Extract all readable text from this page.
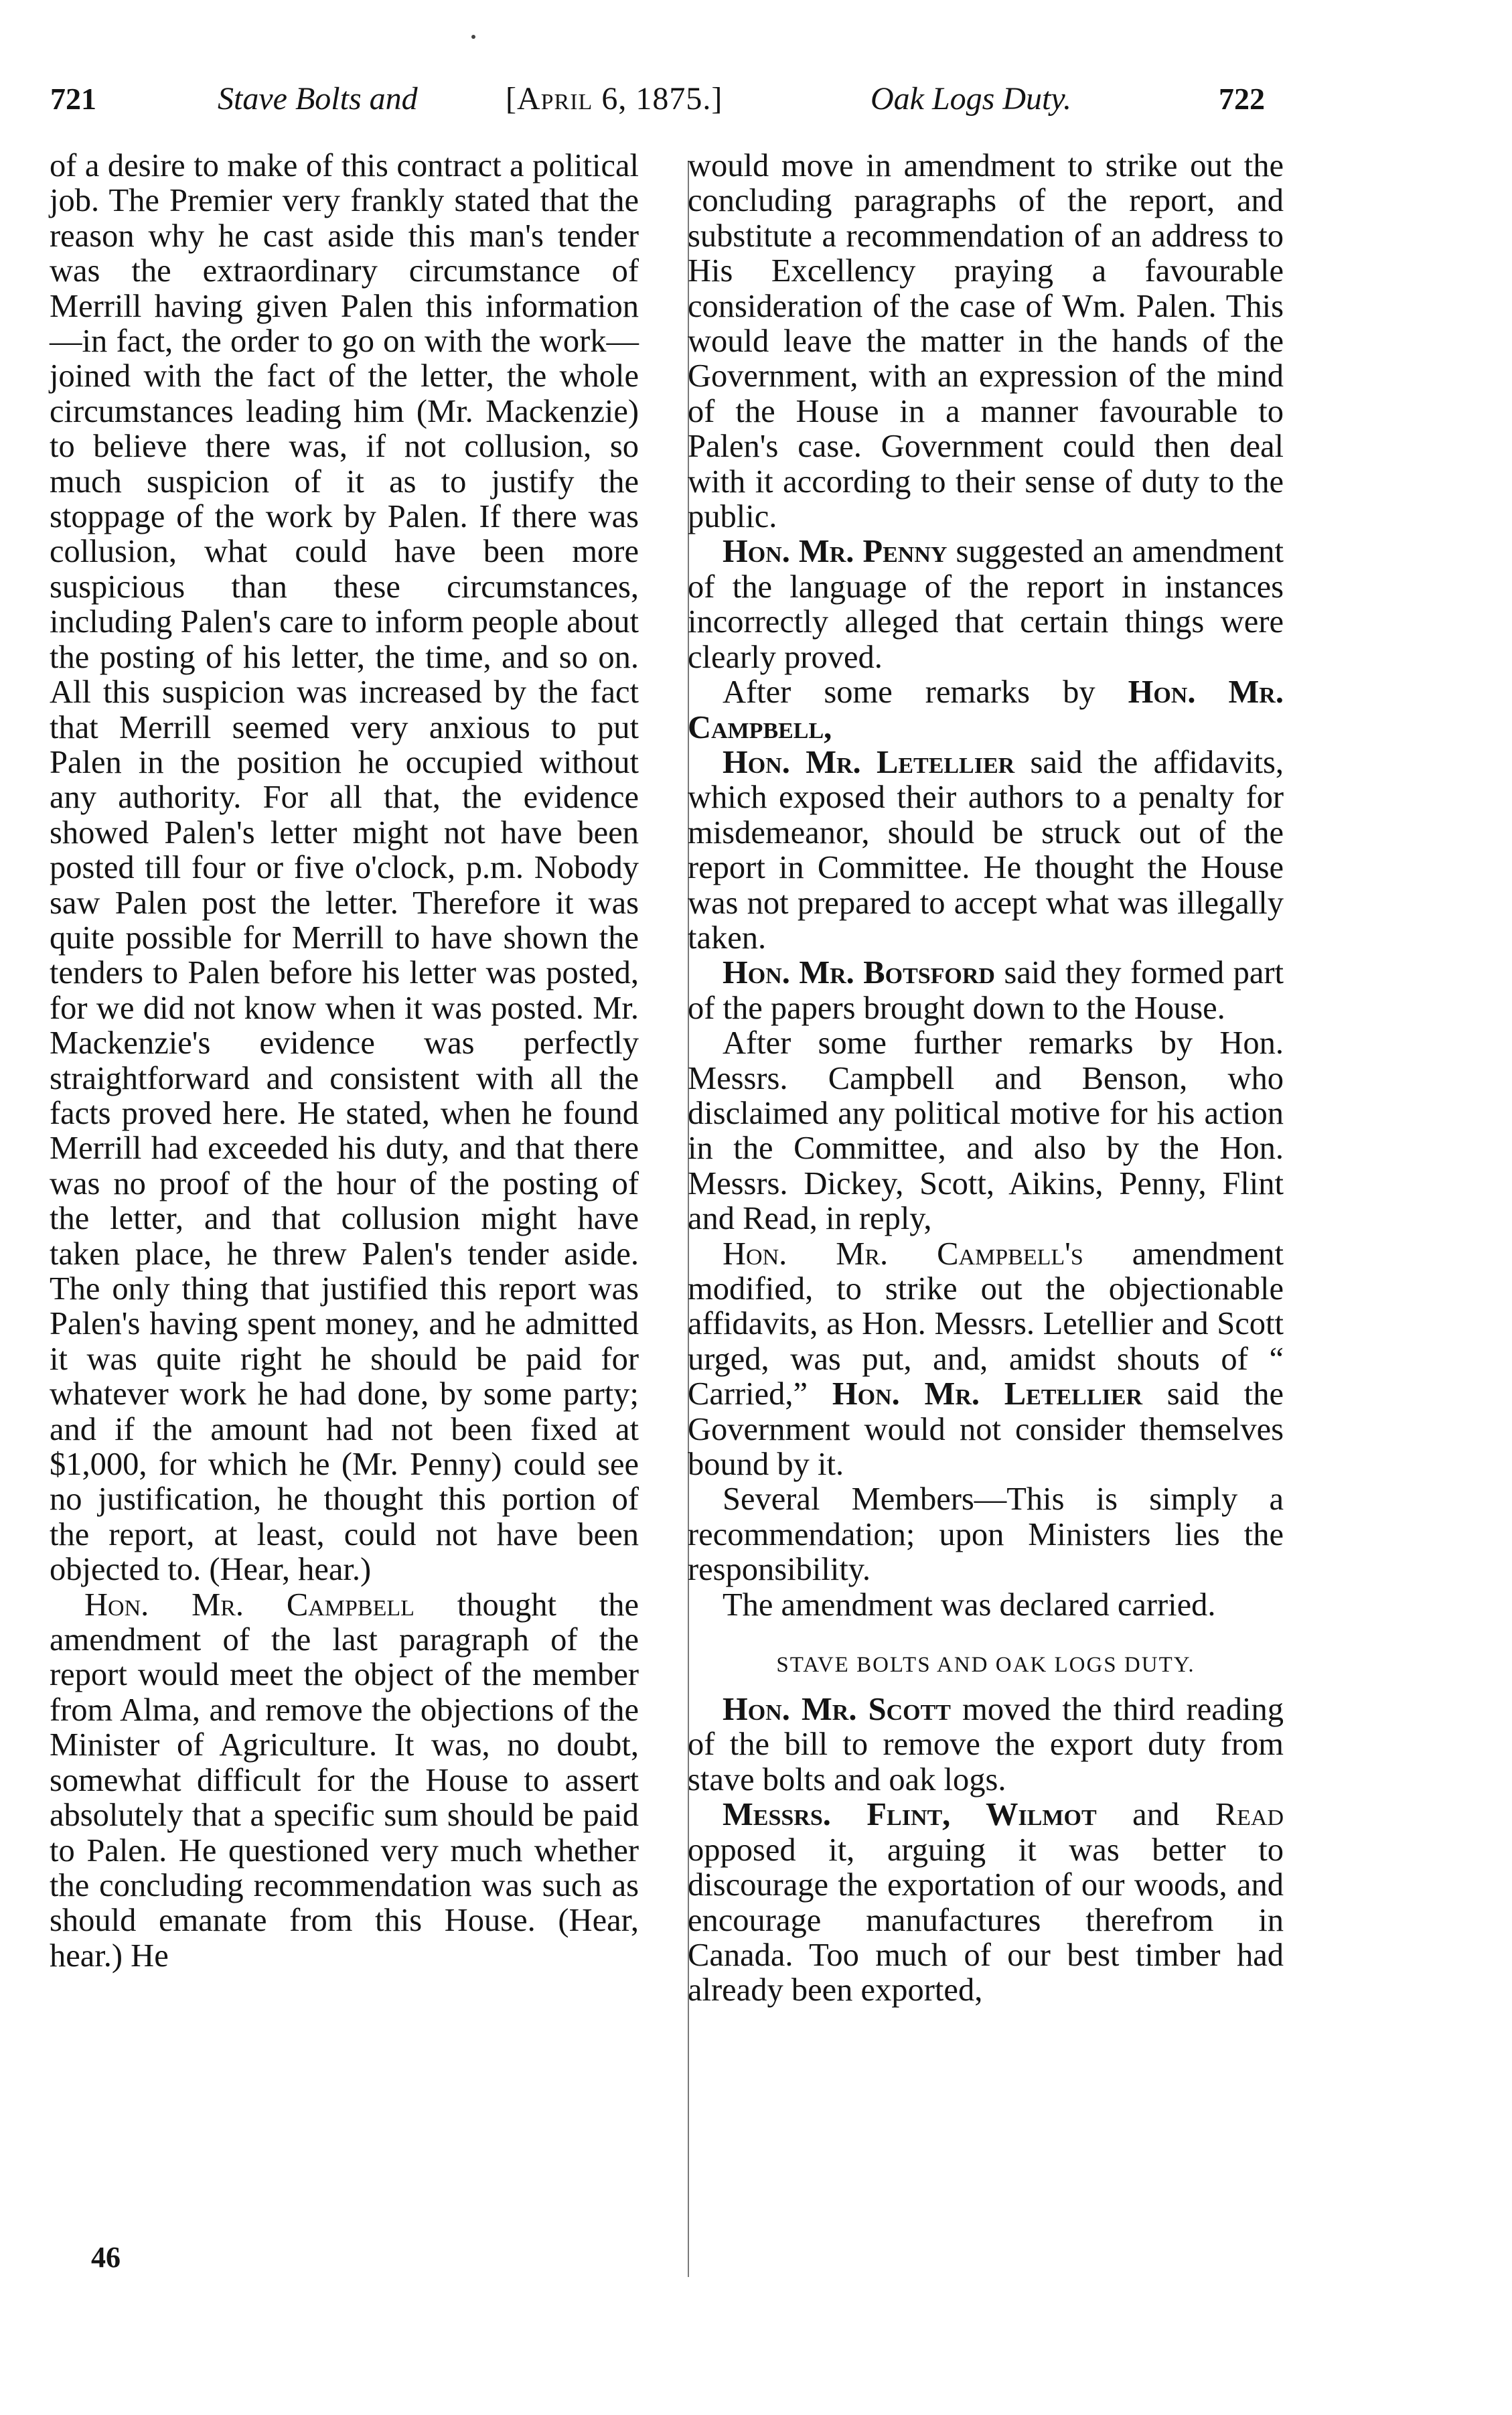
721	Stave Bolts and	[April 6, 1875.]	Oak Logs Duty.	722

of a desire to make of this contract a political job. The Premier very frankly stated that the reason why he cast aside this man's tender was the extraordinary circumstance of Merrill having given Palen this information—in fact, the order to go on with the work—joined with the fact of the letter, the whole circumstances leading him (Mr. Mackenzie) to believe there was, if not collusion, so much suspicion of it as to justify the stoppage of the work by Palen. If there was collusion, what could have been more suspicious than these circumstances, including Palen's care to inform people about the posting of his letter, the time, and so on. All this suspicion was increased by the fact that Merrill seemed very anxious to put Palen in the position he occupied without any authority. For all that, the evidence showed Palen's letter might not have been posted till four or five o'clock, p.m. Nobody saw Palen post the letter. Therefore it was quite possible for Merrill to have shown the tenders to Palen before his letter was posted, for we did not know when it was posted. Mr. Mackenzie's evidence was perfectly straightforward and consistent with all the facts proved here. He stated, when he found Merrill had exceeded his duty, and that there was no proof of the hour of the posting of the letter, and that collusion might have taken place, he threw Palen's tender aside. The only thing that justified this report was Palen's having spent money, and he admitted it was quite right he should be paid for whatever work he had done, by some party; and if the amount had not been fixed at $1,000, for which he (Mr. Penny) could see no justification, he thought this portion of the report, at least, could not have been objected to. (Hear, hear.)

Hon. Mr. Campbell thought the amendment of the last paragraph of the report would meet the object of the member from Alma, and remove the objections of the Minister of Agriculture. It was, no doubt, somewhat difficult for the House to assert absolutely that a specific sum should be paid to Palen. He questioned very much whether the concluding recommendation was such as should emanate from this House. (Hear, hear.) He

would move in amendment to strike out the concluding paragraphs of the report, and substitute a recommendation of an address to His Excellency praying a favourable consideration of the case of Wm. Palen. This would leave the matter in the hands of the Government, with an expression of the mind of the House in a manner favourable to Palen's case. Government could then deal with it according to their sense of duty to the public.

Hon. Mr. Penny suggested an amendment of the language of the report in instances incorrectly alleged that certain things were clearly proved.

After some remarks by Hon. Mr. Campbell,

Hon. Mr. Letellier said the affidavits, which exposed their authors to a penalty for misdemeanor, should be struck out of the report in Committee. He thought the House was not prepared to accept what was illegally taken.

Hon. Mr. Botsford said they formed part of the papers brought down to the House.

After some further remarks by Hon. Messrs. Campbell and Benson, who disclaimed any political motive for his action in the Committee, and also by the Hon. Messrs. Dickey, Scott, Aikins, Penny, Flint and Read, in reply,

Hon. Mr. Campbell's amendment modified, to strike out the objectionable affidavits, as Hon. Messrs. Letellier and Scott urged, was put, and, amidst shouts of “ Carried,” Hon. Mr. Letellier said the Government would not consider themselves bound by it.

Several Members—This is simply a recommendation; upon Ministers lies the responsibility.

The amendment was declared carried.

STAVE BOLTS AND OAK LOGS DUTY.

Hon. Mr. Scott moved the third reading of the bill to remove the export duty from stave bolts and oak logs.

Messrs. Flint, Wilmot and Read opposed it, arguing it was better to discourage the exportation of our woods, and encourage manufactures therefrom in Canada. Too much of our best timber had already been exported,

46
